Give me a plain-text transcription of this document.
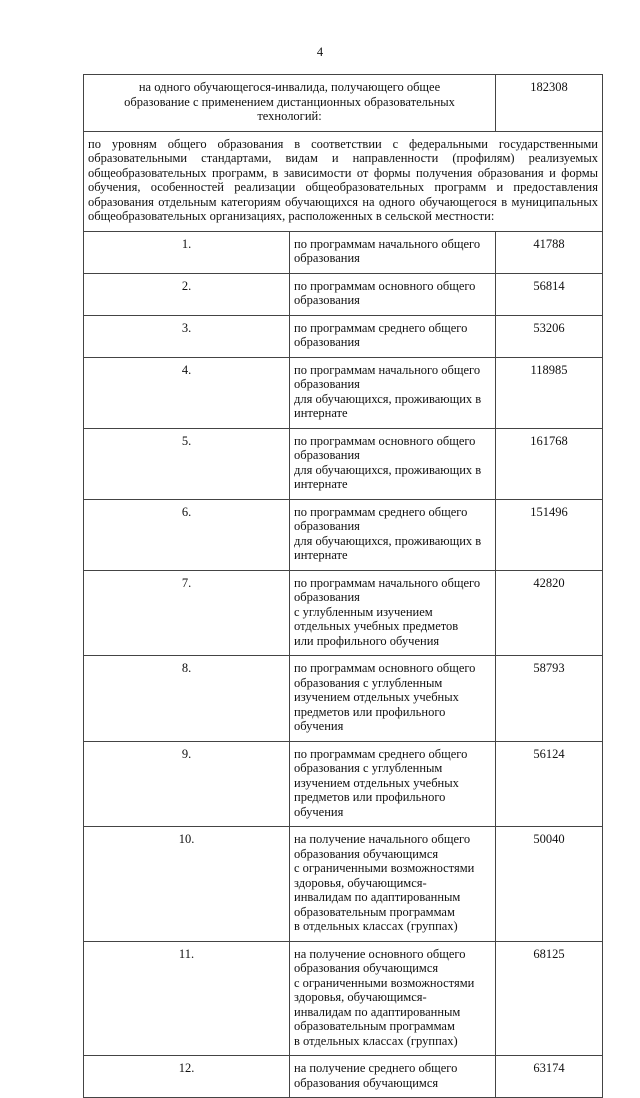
4
на одного обучающегося-инвалида, получающего общее
образование с применением дистанционных образовательных
технологий:		182308
по уровням общего образования в соответствии с федеральными государственными образовательными стандартами, видам и направленности (профилям) реализуемых общеобразовательных программ, в зависимости от формы получения образования и формы обучения, особенностей реализации общеобразовательных программ и предоставления образования отдельным категориям обучающихся на одного обучающегося в муниципальных общеобразовательных организациях, расположенных в сельской местности:		
1.	по программам начального общего образования	41788
2.	по программам основного общего образования	56814
3.	по программам среднего общего образования	53206
4.	по программам начального общего образования
для обучающихся, проживающих в интернате	118985
5.	по программам основного общего образования
для обучающихся, проживающих в интернате	161768
6.	по программам среднего общего образования
для обучающихся, проживающих в интернате	151496
7.	по программам начального общего образования
с углубленным изучением отдельных учебных предметов
или профильного обучения	42820
8.	по программам основного общего образования с углубленным
изучением отдельных учебных предметов или профильного
обучения	58793
9.	по программам среднего общего образования с углубленным
изучением отдельных учебных предметов или профильного
обучения	56124
10.	на получение начального общего образования обучающимся
с ограниченными возможностями здоровья, обучающимся-
инвалидам по адаптированным образовательным программам
в отдельных классах (группах)	50040
11.	на получение основного общего образования обучающимся
с ограниченными возможностями здоровья, обучающимся-
инвалидам по адаптированным образовательным программам
в отдельных классах (группах)	68125
12.	на получение среднего общего образования обучающимся	63174
